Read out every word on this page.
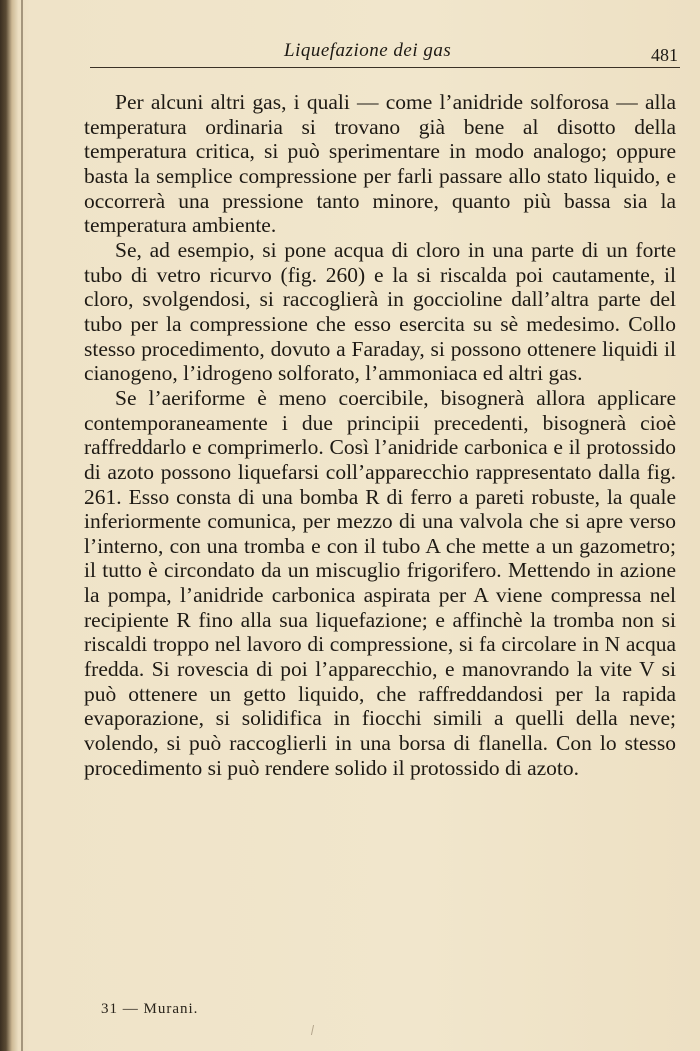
Liquefazione dei gas	481

Per alcuni altri gas, i quali — come l’anidride solforosa — alla temperatura ordinaria si trovano già bene al disotto della temperatura critica, si può sperimentare in modo analogo; oppure basta la semplice compressione per farli passare allo stato liquido, e occorrerà una pressione tanto minore, quanto più bassa sia la temperatura ambiente.

Se, ad esempio, si pone acqua di cloro in una parte di un forte tubo di vetro ricurvo (fig. 260) e la si riscalda poi cautamente, il cloro, svolgendosi, si raccoglierà in goccioline dall’altra parte del tubo per la compressione che esso esercita su sè medesimo. Collo stesso procedimento, dovuto a Faraday, si possono ottenere liquidi il cianogeno, l’idrogeno solforato, l’ammoniaca ed altri gas.

Se l’aeriforme è meno coercibile, bisognerà allora applicare contemporaneamente i due principii precedenti, bisognerà cioè raffreddarlo e comprimerlo. Così l’anidride carbonica e il protossido di azoto possono liquefarsi coll’apparecchio rappresentato dalla fig. 261. Esso consta di una bomba R di ferro a pareti robuste, la quale inferiormente comunica, per mezzo di una valvola che si apre verso l’interno, con una tromba e con il tubo A che mette a un gazometro; il tutto è circondato da un miscuglio frigorifero. Mettendo in azione la pompa, l’anidride carbonica aspirata per A viene compressa nel recipiente R fino alla sua liquefazione; e affinchè la tromba non si riscaldi troppo nel lavoro di compressione, si fa circolare in N acqua fredda. Si rovescia di poi l’apparecchio, e manovrando la vite V si può ottenere un getto liquido, che raffreddandosi per la rapida evaporazione, si solidifica in fiocchi simili a quelli della neve; volendo, si può raccoglierli in una borsa di flanella. Con lo stesso procedimento si può rendere solido il protossido di azoto.

31 — Murani.
